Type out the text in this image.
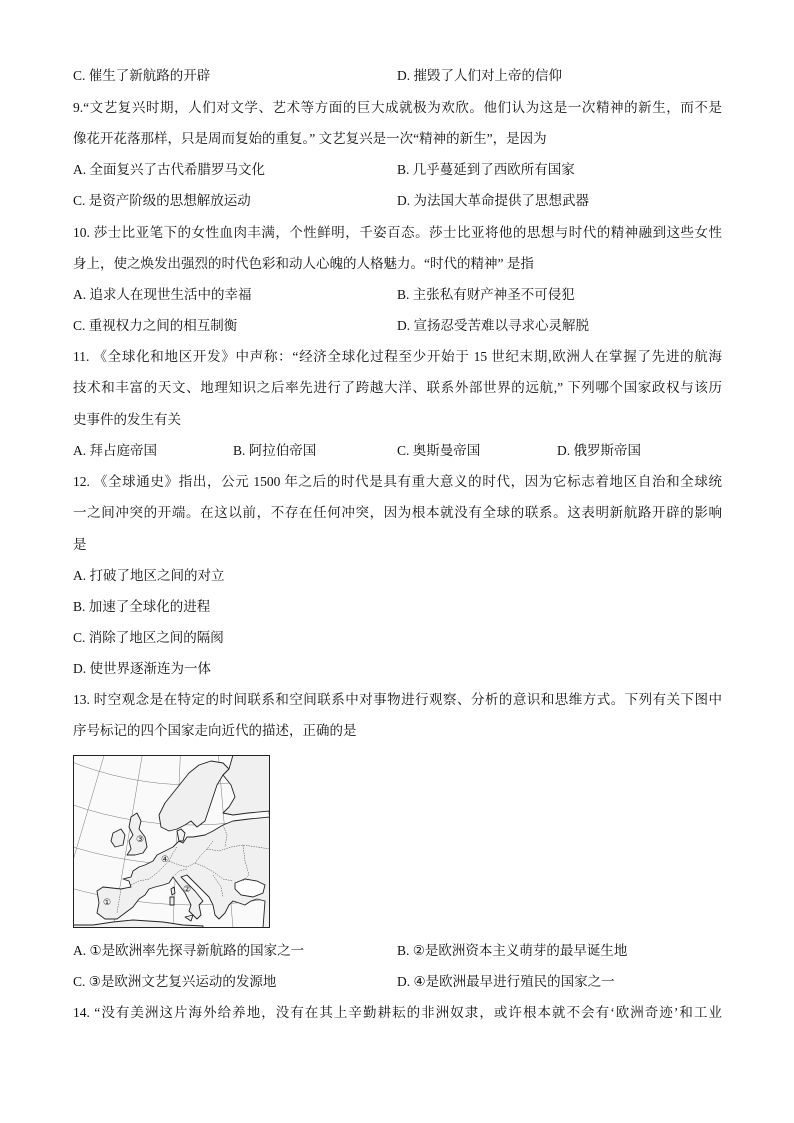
C. 催生了新航路的开辟	D. 摧毁了人们对上帝的信仰
9.“文艺复兴时期，人们对文学、艺术等方面的巨大成就极为欢欣。他们认为这是一次精神的新生，而不是
像花开花落那样，只是周而复始的重复。” 文艺复兴是一次“精神的新生”，是因为
A. 全面复兴了古代希腊罗马文化	B. 几乎蔓延到了西欧所有国家
C. 是资产阶级的思想解放运动	D. 为法国大革命提供了思想武器
10. 莎士比亚笔下的女性血肉丰满，个性鲜明，千姿百态。莎士比亚将他的思想与时代的精神融到这些女性
身上，使之焕发出强烈的时代色彩和动人心魄的人格魅力。“时代的精神” 是指
A. 追求人在现世生活中的幸福	B. 主张私有财产神圣不可侵犯
C. 重视权力之间的相互制衡	D. 宣扬忍受苦难以寻求心灵解脱
11. 《全球化和地区开发》中声称：“经济全球化过程至少开始于 15 世纪末期,欧洲人在掌握了先进的航海
技术和丰富的天文、地理知识之后率先进行了跨越大洋、联系外部世界的远航,” 下列哪个国家政权与该历
史事件的发生有关
A. 拜占庭帝国	B. 阿拉伯帝国	C. 奥斯曼帝国	D. 俄罗斯帝国
12. 《全球通史》指出，公元 1500 年之后的时代是具有重大意义的时代，因为它标志着地区自治和全球统
一之间冲突的开端。在这以前，不存在任何冲突，因为根本就没有全球的联系。这表明新航路开辟的影响
是
A. 打破了地区之间的对立
B. 加速了全球化的进程
C. 消除了地区之间的隔阂
D. 使世界逐渐连为一体
13. 时空观念是在特定的时间联系和空间联系中对事物进行观察、分析的意识和思维方式。下列有关下图中
序号标记的四个国家走向近代的描述，正确的是
①
②
③
④
A. ①是欧洲率先探寻新航路的国家之一	B. ②是欧洲资本主义萌芽的最早诞生地
C. ③是欧洲文艺复兴运动的发源地	D. ④是欧洲最早进行殖民的国家之一
14. “没有美洲这片海外给养地，没有在其上辛勤耕耘的非洲奴隶，或许根本就不会有‘欧洲奇迹’和工业
